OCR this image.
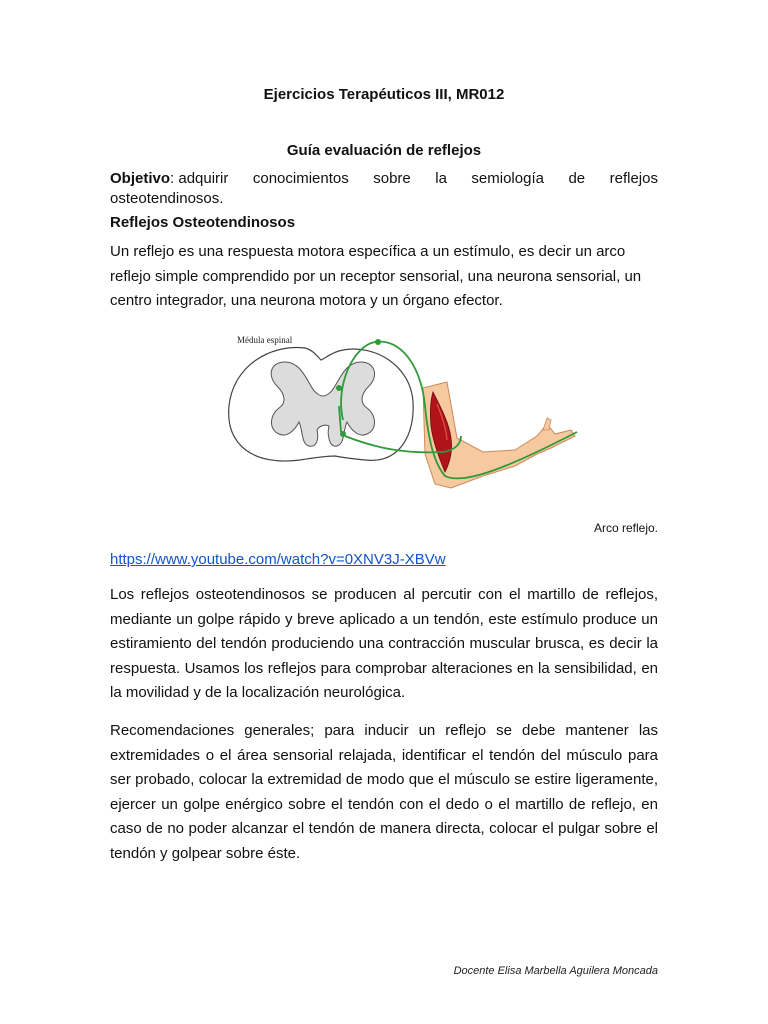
Ejercicios Terapéuticos III, MR012
Guía evaluación de reflejos
Objetivo: adquirir conocimientos sobre la semiología de reflejos
osteotendinosos.
Reflejos Osteotendinosos
Un reflejo es una respuesta motora específica a un estímulo, es decir un arco reflejo simple comprendido por un receptor sensorial, una neurona sensorial, un centro integrador, una neurona motora y un órgano efector.
Médula espinal
Arco reflejo.
https://www.youtube.com/watch?v=0XNV3J-XBVw
Los reflejos osteotendinosos se producen al percutir con el martillo de reflejos, mediante un golpe rápido y breve aplicado a un tendón, este estímulo produce un estiramiento del tendón produciendo una contracción muscular brusca, es decir la respuesta. Usamos los reflejos para comprobar alteraciones en la sensibilidad, en la movilidad y de la localización neurológica.
Recomendaciones generales; para inducir un reflejo se debe mantener las extremidades o el área sensorial relajada, identificar el tendón del músculo para ser probado, colocar la extremidad de modo que el músculo se estire ligeramente, ejercer un golpe enérgico sobre el tendón con el dedo o el martillo de reflejo, en caso de no poder alcanzar el tendón de manera directa, colocar el pulgar sobre el tendón y golpear sobre éste.
Docente Elisa Marbella Aguilera Moncada
